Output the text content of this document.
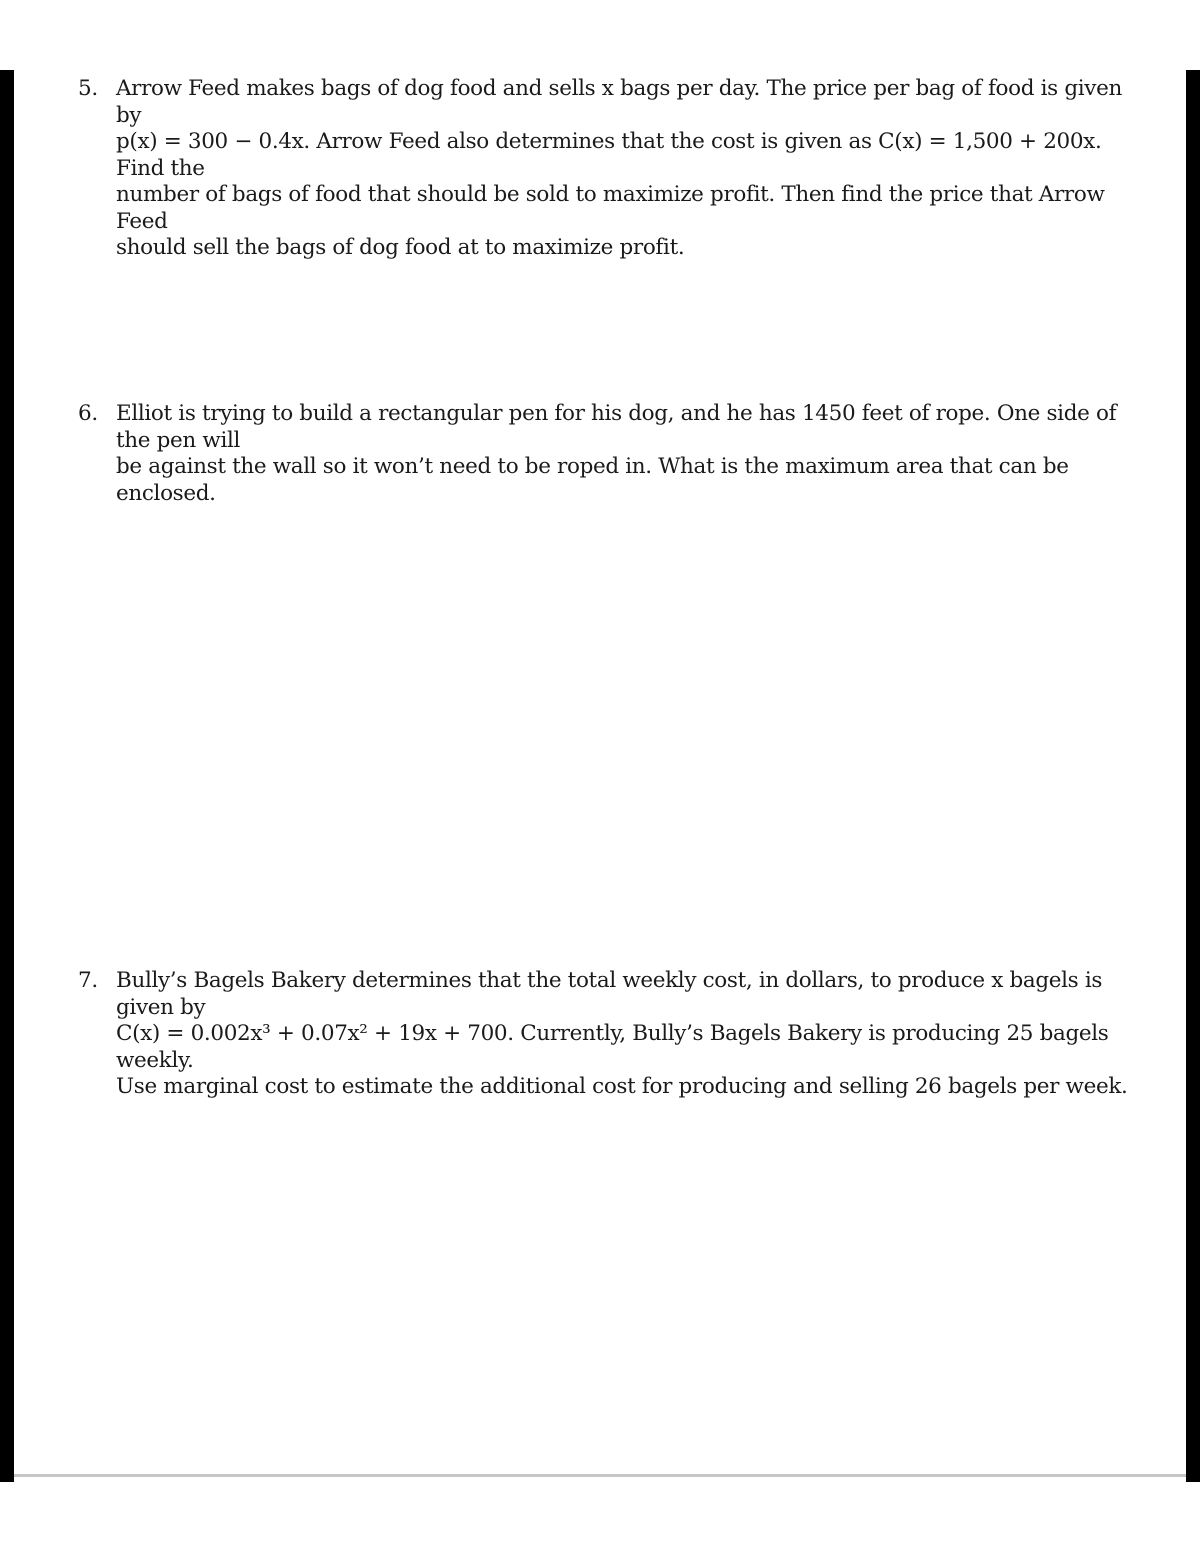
5. Arrow Feed makes bags of dog food and sells x bags per day. The price per bag of food is given by
p(x) = 300 − 0.4x. Arrow Feed also determines that the cost is given as C(x) = 1,500 + 200x. Find the
number of bags of food that should be sold to maximize profit. Then find the price that Arrow Feed
should sell the bags of dog food at to maximize profit.
6. Elliot is trying to build a rectangular pen for his dog, and he has 1450 feet of rope. One side of the pen will
be against the wall so it won’t need to be roped in. What is the maximum area that can be enclosed.
7. Bully’s Bagels Bakery determines that the total weekly cost, in dollars, to produce x bagels is given by
C(x) = 0.002x³ + 0.07x² + 19x + 700. Currently, Bully’s Bagels Bakery is producing 25 bagels weekly.
Use marginal cost to estimate the additional cost for producing and selling 26 bagels per week.
